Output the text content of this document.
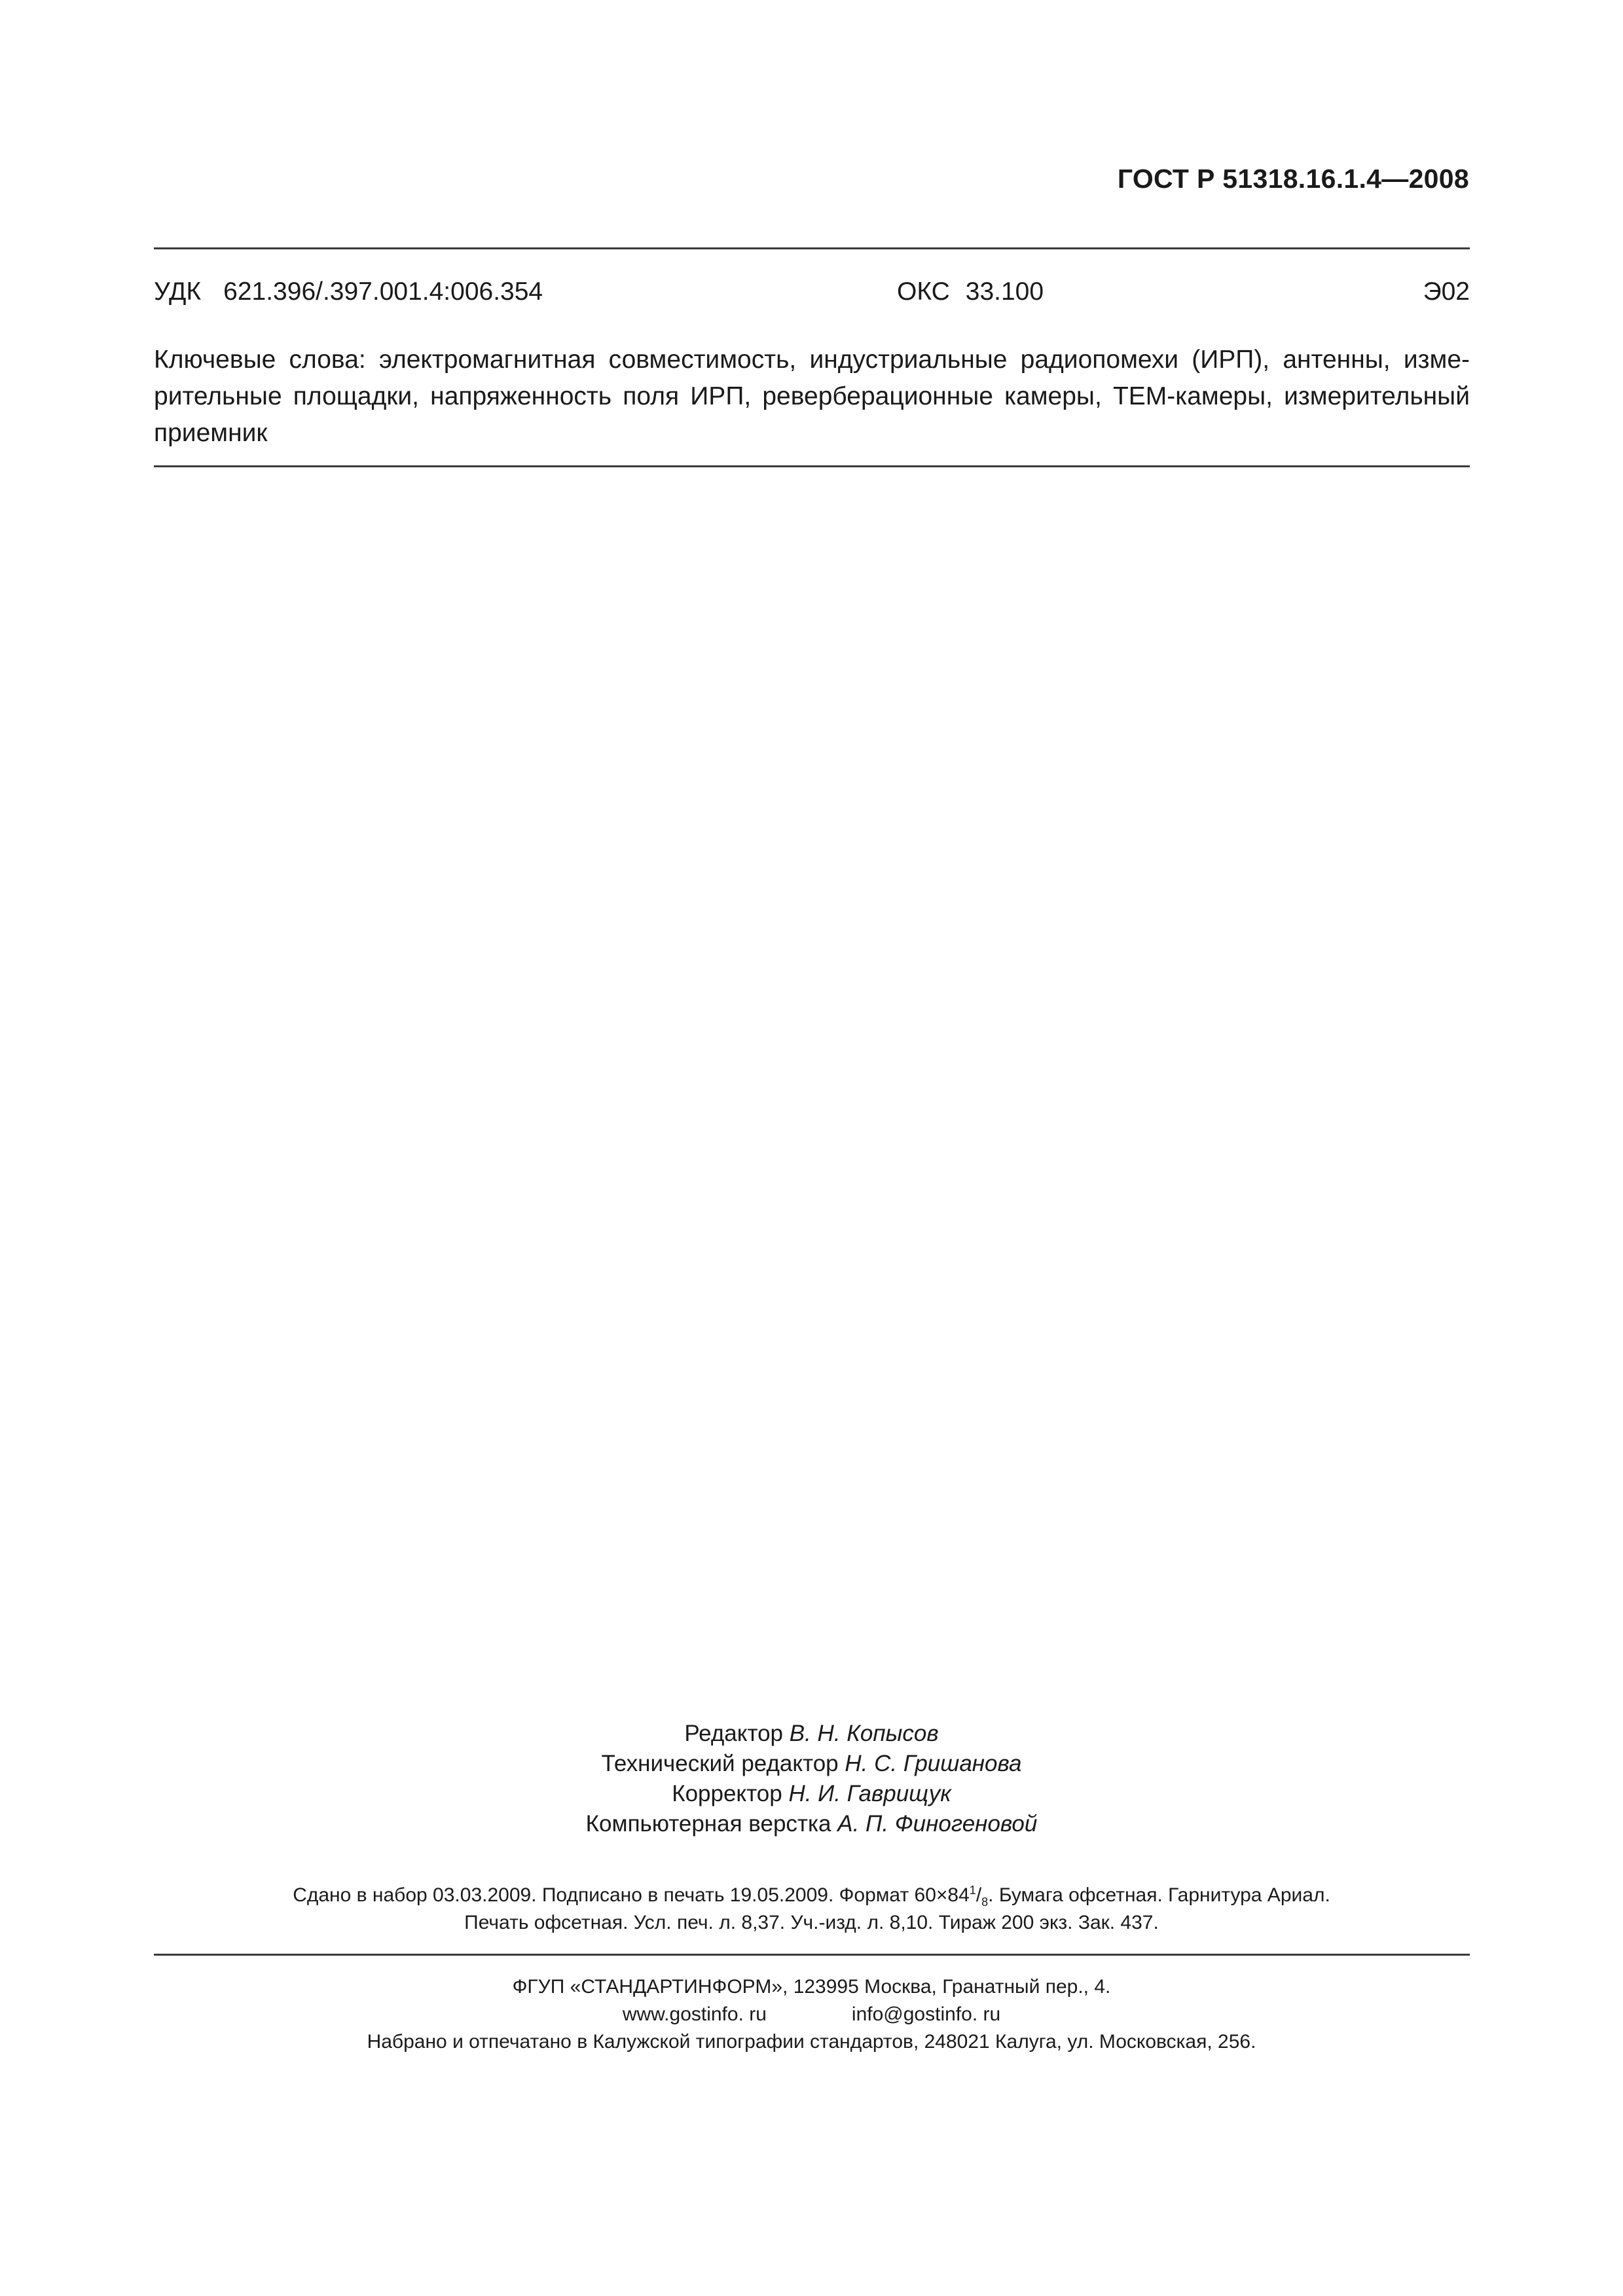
ГОСТ Р 51318.16.1.4—2008
УДК 621.396/.397.001.4:006.354	ОКС 33.100	Э02
Ключевые слова: электромагнитная совместимость, индустриальные радиопомехи (ИРП), антенны, изме-
рительные площадки, напряженность поля ИРП, реверберационные камеры, ТЕМ-камеры, измерительный
приемник
Редактор В. Н. Копысов
Технический редактор Н. С. Гришанова
Корректор Н. И. Гаврищук
Компьютерная верстка А. П. Финогеновой
Сдано в набор 03.03.2009. Подписано в печать 19.05.2009. Формат $60\times 84^1/_8$. Бумага офсетная. Гарнитура Ариал.
Печать офсетная. Усл. печ. л. 8,37. Уч.-изд. л. 8,10. Тираж 200 экз. Зак. 437.
ФГУП «СТАНДАРТИНФОРМ», 123995 Москва, Гранатный пер., 4.
www.gostinfo. ru	info@gostinfo. ru
Набрано и отпечатано в Калужской типографии стандартов, 248021 Калуга, ул. Московская, 256.
